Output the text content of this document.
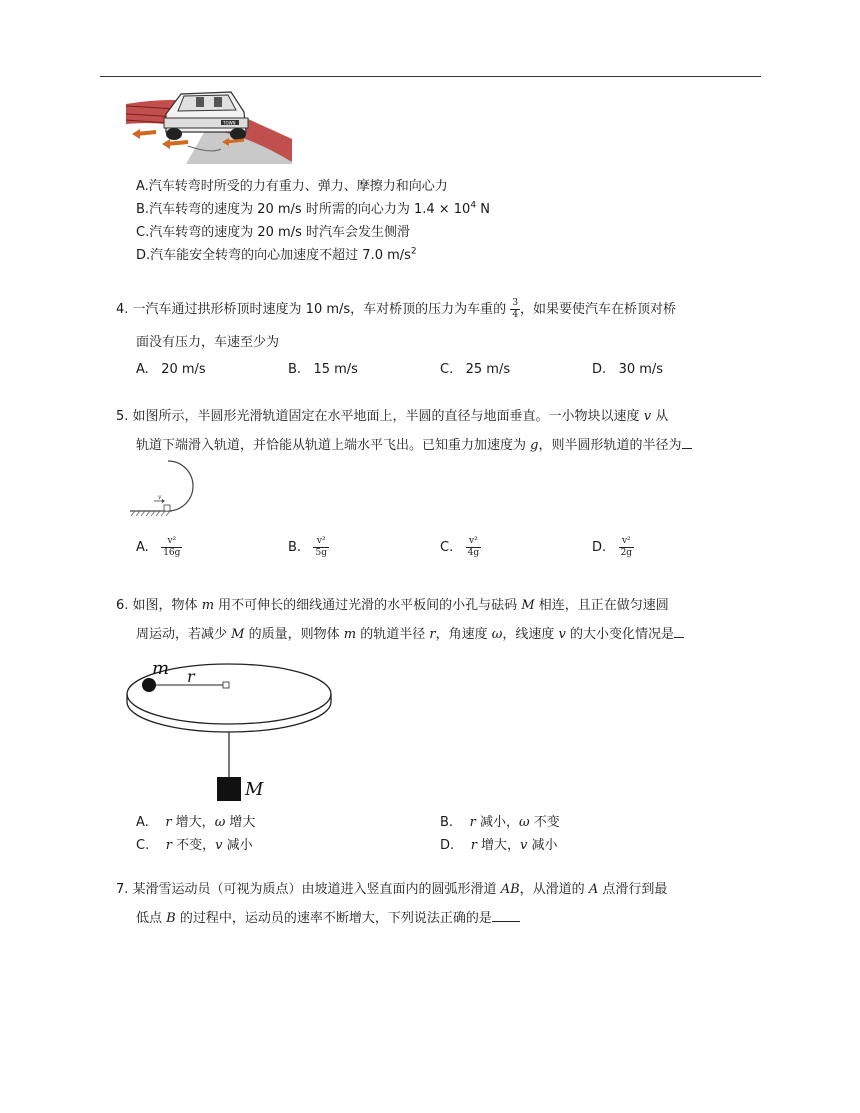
TOWN
A.汽车转弯时所受的力有重力、弹力、摩擦力和向心力
B.汽车转弯的速度为 20 m/s 时所需的向心力为 $1.4 \times 10^4$ N
C.汽车转弯的速度为 20 m/s 时汽车会发生侧滑
D.汽车能安全转弯的向心加速度不超过 7.0 $m/s^2$
4. 一汽车通过拱形桥顶时速度为 10 m/s，车对桥顶的压力为车重的 $\frac{3}{4}$ ，如果要使汽车在桥顶对桥
面没有压力，车速至少为
A. 20 m/s	B. 15 m/s	C. 25 m/s	D. 30 m/s
5. 如图所示，半圆形光滑轨道固定在水平地面上，半圆的直径与地面垂直。一小物块以速度 v 从
轨道下端滑入轨道，并恰能从轨道上端水平飞出。已知重力加速度为 g，则半圆形轨道的半径为
v
A. $\frac{\text{v²}}{16g}$	B. $\frac{\text{v²}}{5g}$	C. $\frac{\text{v²}}{4g}$	D. $\frac{\text{v²}}{2g}$
6. 如图，物体 m 用不可伸长的细线通过光滑的水平板间的小孔与砝码 M 相连，且正在做匀速圆
周运动，若减少 M 的质量，则物体 m 的轨道半径 r，角速度 ω，线速度 v 的大小变化情况是
m r
M
A. r 增大，ω 增大	B. r 减小，ω 不变
C. r 不变，v 减小	D. r 增大，v 减小
7. 某滑雪运动员（可视为质点）由坡道进入竖直面内的圆弧形滑道 AB，从滑道的 A 点滑行到最
低点 B 的过程中，运动员的速率不断增大，下列说法正确的是
